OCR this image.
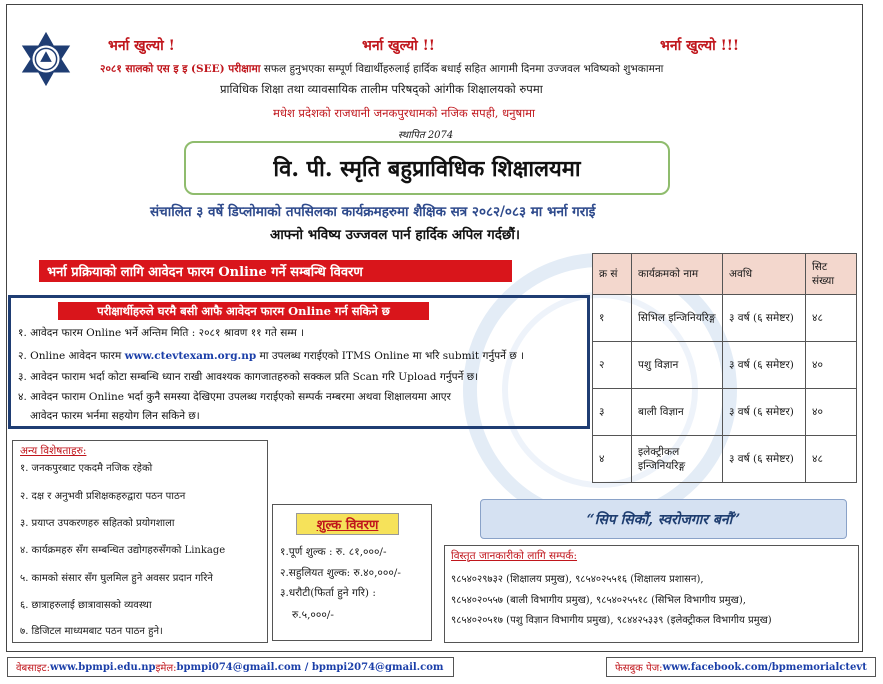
भर्ना खुल्यो !	भर्ना खुल्यो !!	भर्ना खुल्यो !!!
२०८१ सालको एस इ इ (SEE) परीक्षामा सफल हुनुभएका सम्पूर्ण विद्यार्थीहरुलाई हार्दिक बधाई सहित आगामी दिनमा उज्जवल भविष्यको शुभकामना
प्राविधिक शिक्षा तथा व्यावसायिक तालीम परिषद्को आंगीक शिक्षालयको रुपमा
मधेश प्रदेशको राजधानी जनकपुरधामको नजिक सपही, धनुषामा
स्थापित 2074
वि. पी. स्मृति बहुप्राविधिक शिक्षालयमा
संचालित ३ वर्षे डिप्लोमाको तपसिलका कार्यक्रमहरुमा शैक्षिक सत्र २०८२/०८३ मा भर्ना गराई
आफ्नो भविष्य उज्जवल पार्न हार्दिक अपिल गर्दछौं।
भर्ना प्रक्रियाको लागि आवेदन फारम Online गर्ने सम्बन्धि विवरण
परीक्षार्थीहरुले घरमै बसी आफै आवेदन फारम Online गर्न सकिने छ
१. आवेदन फारम Online भर्ने अन्तिम मिति : २०८१ श्रावण ११ गते सम्म ।
२. Online आवेदन फारम www.ctevtexam.org.np मा उपलब्ध गराईएको ITMS Online मा भरि submit गर्नुपर्ने छ ।
३. आवेदन फाराम भर्दा कोटा सम्बन्धि ध्यान राखी आवश्यक कागजातहरुको सक्कल प्रति Scan गरि Upload गर्नुपर्ने छ।
४. आवेदन फाराम Online भर्दा कुनै समस्या देखिएमा उपलब्ध गराईएको सम्पर्क नम्बरमा अथवा शिक्षालयमा आएर
आवेदन फारम भर्नमा सहयोग लिन सकिने छ।
क्र सं	कार्यक्रमको नाम	अवधि	सिट संख्या
१	सिभिल इन्जिनियरिङ्ग	३ वर्ष (६ समेष्टर)	४८
२	पशु विज्ञान	३ वर्ष (६ समेष्टर)	४०
३	बाली विज्ञान	३ वर्ष (६ समेष्टर)	४०
४	इलेक्ट्रीकल इन्जिनियरिङ्ग	३ वर्ष (६ समेष्टर)	४८
अन्य विशेषताहरु:
१. जनकपुरबाट एकदमै नजिक रहेको
२. दक्ष र अनुभवी प्रशिक्षकहरुद्वारा पठन पाठन
३. प्रयाप्त उपकरणहरु सहितको प्रयोगशाला
४. कार्यक्रमहरु सँग सम्बन्धित उद्योगहरुसँगको Linkage
५. कामको संसार सँग घुलमिल हुने अवसर प्रदान गरिने
६. छात्राहरुलाई छात्रावासको व्यवस्था
७. डिजिटल माध्यमबाट पठन पाठन हुने।
शुल्क विवरण
१.पूर्ण शुल्क : रु. ८१,०००/-
२.सहुलियत शुल्क: रु.४०,०००/-
३.धरौटी(फिर्ता हुने गरि) :
रु.५,०००/-
“सिप सिकौं, स्वरोजगार बनौं”
विस्तृत जानकारीको लागि सम्पर्क:
९८५४०२९७३२ (शिक्षालय प्रमुख), ९८५४०२५५१६ (शिक्षालय प्रशासन),
९८५४०२०५५७ (बाली विभागीय प्रमुख), ९८५४०२५५१८ (सिभिल विभागीय प्रमुख),
९८५४०२०५१७ (पशु विज्ञान विभागीय प्रमुख), ९८४४२५३३९ (इलेक्ट्रीकल विभागीय प्रमुख)
वेबसाइट: www.bpmpi.edu.np इमेल: bpmpi074@gmail.com / bpmpi2074@gmail.com	फेसबुक पेज: www.facebook.com/bpmemorialctevt
